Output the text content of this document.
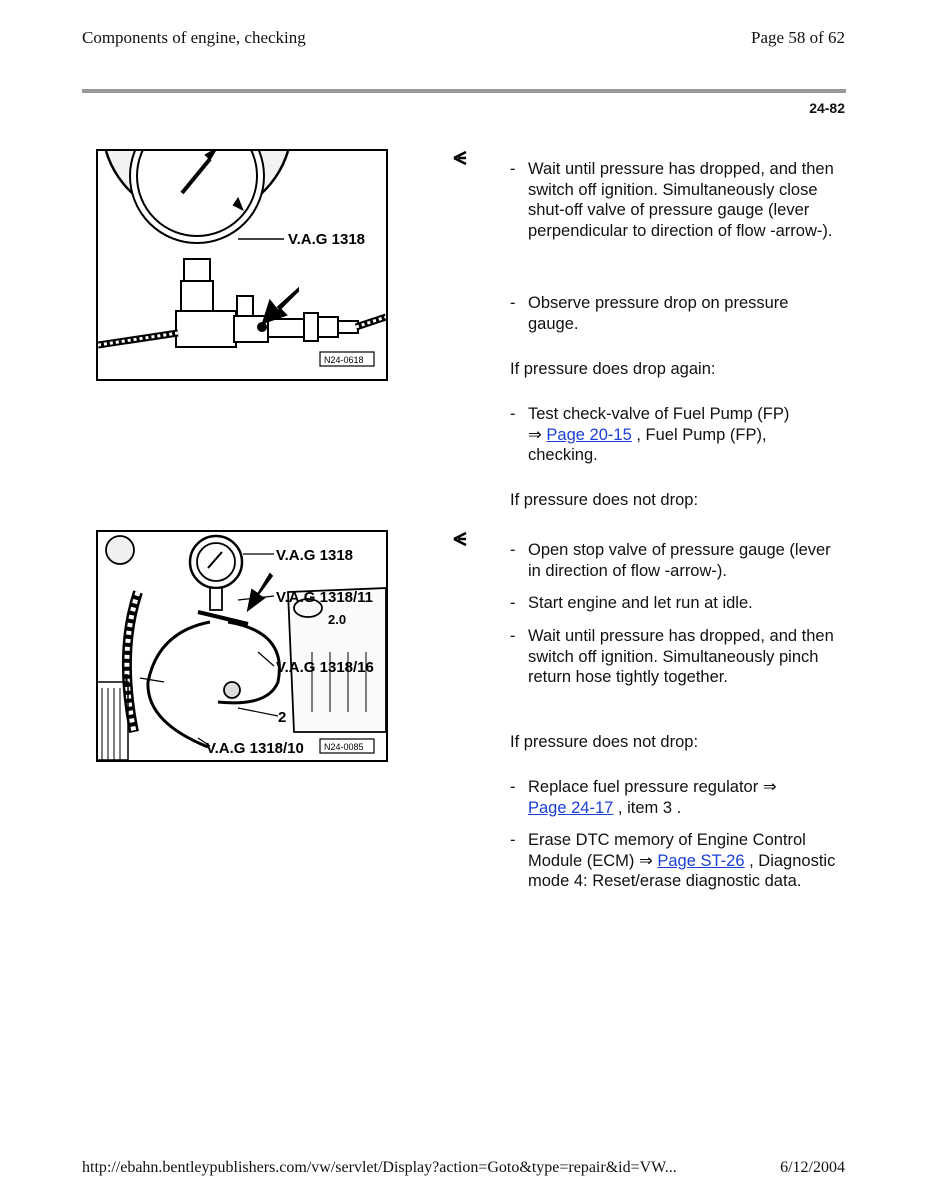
Components of engine, checking	Page 58 of 62
24-82
V.A.G 1318
N24-0618
V.A.G 1318
V.A.G 1318/11
V.A.G 1318/16
V.A.G 1318/10
1
2
2.0
N24-0085
- Wait until pressure has dropped, and then switch off ignition. Simultaneously close shut-off valve of pressure gauge (lever perpendicular to direction of flow -arrow-).
- Observe pressure drop on pressure gauge.
If pressure does drop again:
- Test check-valve of Fuel Pump (FP)
⇒ Page 20-15 , Fuel Pump (FP), checking.
If pressure does not drop:
- Open stop valve of pressure gauge (lever in direction of flow -arrow-).
- Start engine and let run at idle.
- Wait until pressure has dropped, and then switch off ignition. Simultaneously pinch return hose tightly together.
If pressure does not drop:
- Replace fuel pressure regulator ⇒
Page 24-17 , item 3 .
- Erase DTC memory of Engine Control Module (ECM) ⇒ Page ST-26 , Diagnostic mode 4: Reset/erase diagnostic data.
http://ebahn.bentleypublishers.com/vw/servlet/Display?action=Goto&type=repair&id=VW...	6/12/2004
